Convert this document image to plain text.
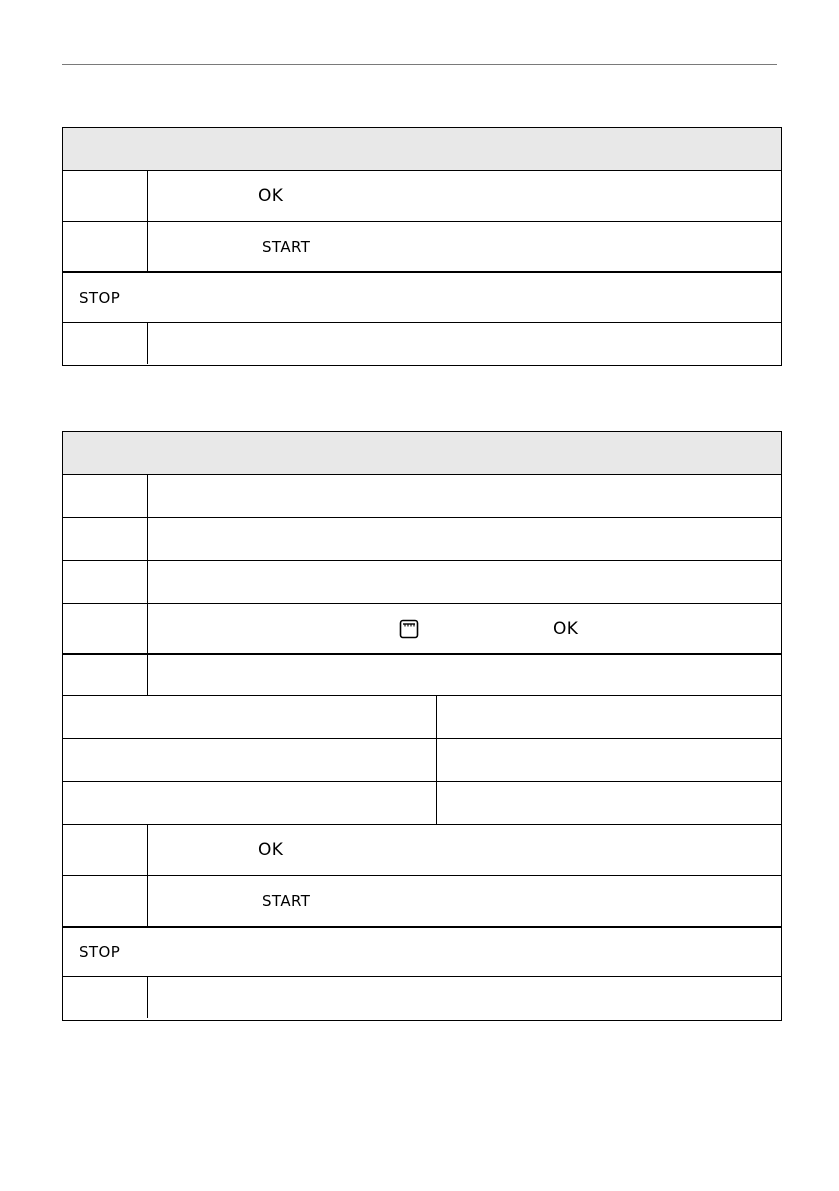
OK
START
STOP
OK
OK
START
STOP
